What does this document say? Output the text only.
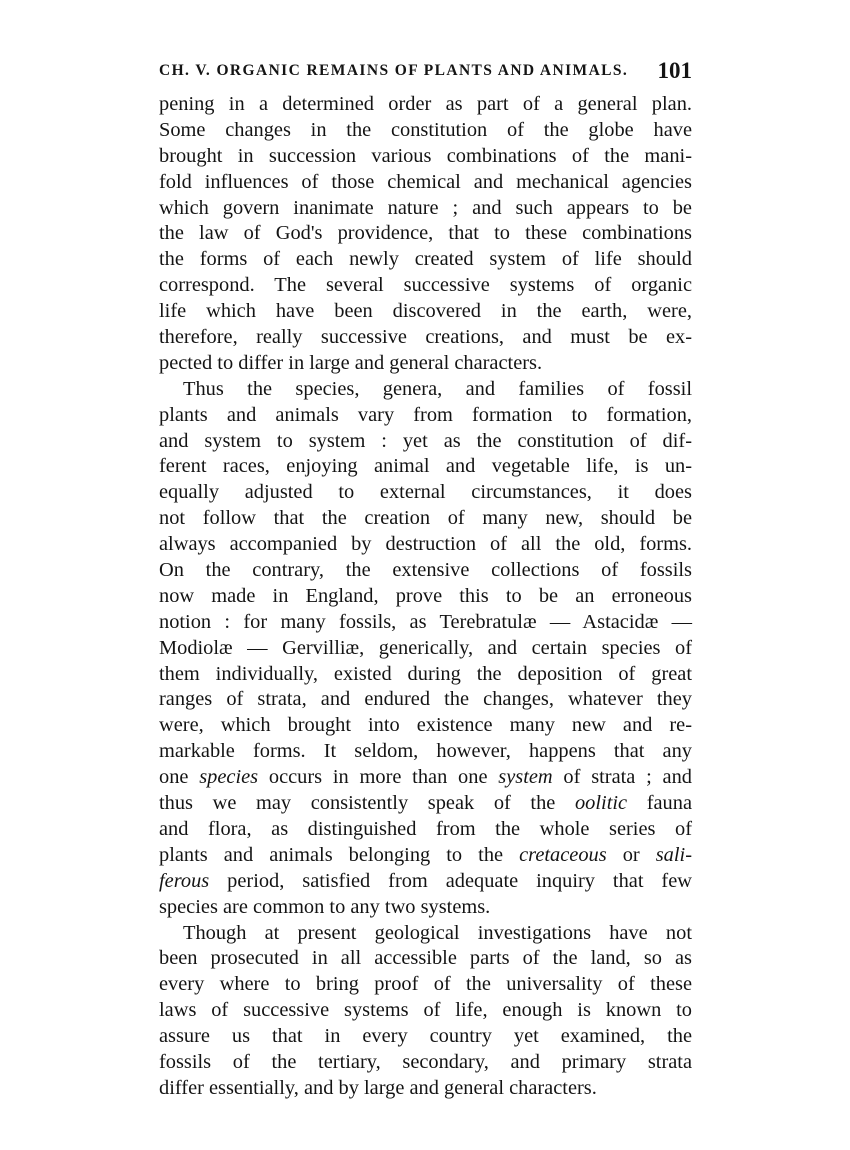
CH. V. ORGANIC REMAINS OF PLANTS AND ANIMALS. 101
pening in a determined order as part of a general plan.
Some changes in the constitution of the globe have
brought in succession various combinations of the mani-
fold influences of those chemical and mechanical agencies
which govern inanimate nature ; and such appears to be
the law of God's providence, that to these combinations
the forms of each newly created system of life should
correspond. The several successive systems of organic
life which have been discovered in the earth, were,
therefore, really successive creations, and must be ex-
pected to differ in large and general characters.
Thus the species, genera, and families of fossil
plants and animals vary from formation to formation,
and system to system : yet as the constitution of dif-
ferent races, enjoying animal and vegetable life, is un-
equally adjusted to external circumstances, it does
not follow that the creation of many new, should be
always accompanied by destruction of all the old, forms.
On the contrary, the extensive collections of fossils
now made in England, prove this to be an erroneous
notion : for many fossils, as Terebratulæ — Astacidæ —
Modiolæ — Gervilliæ, generically, and certain species of
them individually, existed during the deposition of great
ranges of strata, and endured the changes, whatever they
were, which brought into existence many new and re-
markable forms. It seldom, however, happens that any
one species occurs in more than one system of strata ; and
thus we may consistently speak of the oolitic fauna
and flora, as distinguished from the whole series of
plants and animals belonging to the cretaceous or sali-
ferous period, satisfied from adequate inquiry that few
species are common to any two systems.
Though at present geological investigations have not
been prosecuted in all accessible parts of the land, so as
every where to bring proof of the universality of these
laws of successive systems of life, enough is known to
assure us that in every country yet examined, the
fossils of the tertiary, secondary, and primary strata
differ essentially, and by large and general characters.
